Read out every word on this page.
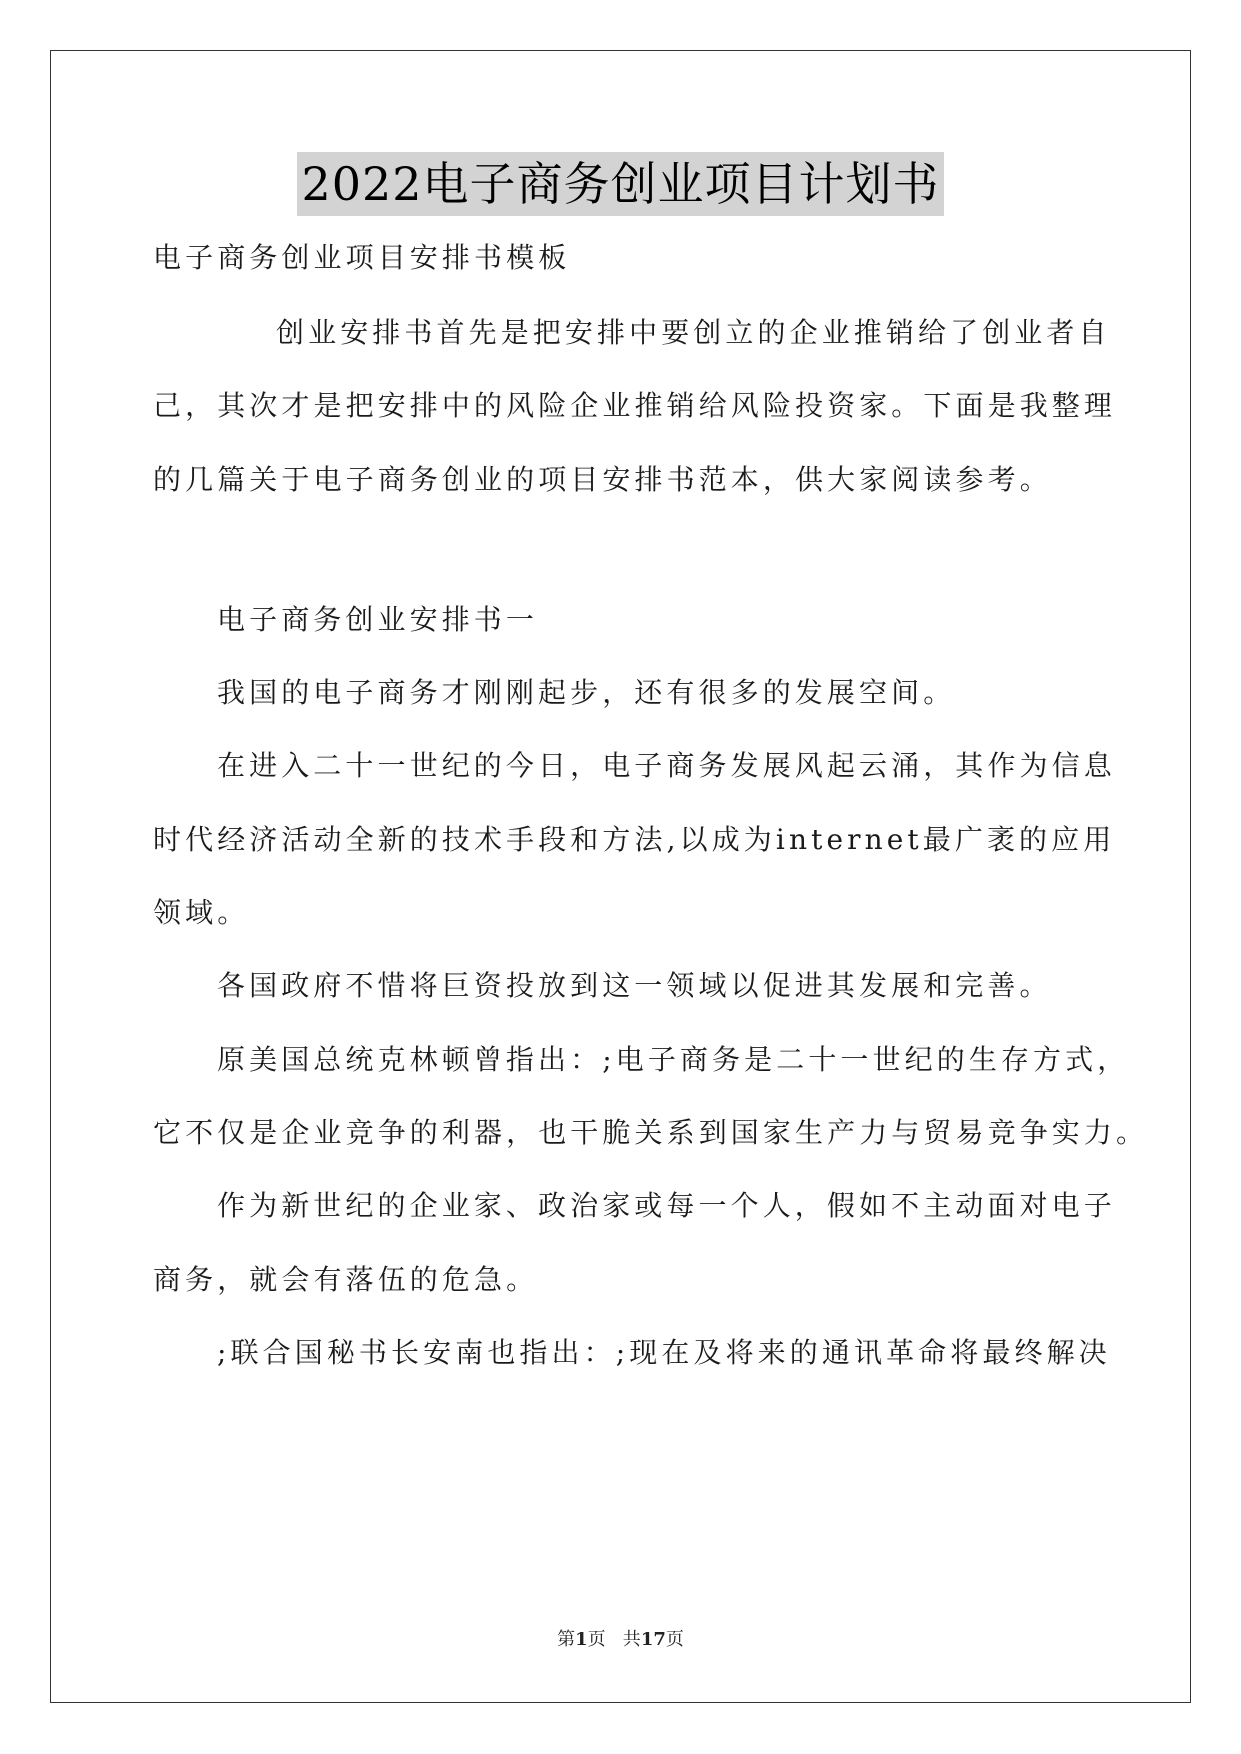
2022电子商务创业项目计划书
电子商务创业项目安排书模板
创业安排书首先是把安排中要创立的企业推销给了创业者自
己，其次才是把安排中的风险企业推销给风险投资家。下面是我整理
的几篇关于电子商务创业的项目安排书范本，供大家阅读参考。
电子商务创业安排书一
我国的电子商务才刚刚起步，还有很多的发展空间。
在进入二十一世纪的今日，电子商务发展风起云涌，其作为信息
时代经济活动全新的技术手段和方法,以成为internet最广袤的应用
领域。
各国政府不惜将巨资投放到这一领域以促进其发展和完善。
原美国总统克林顿曾指出：;电子商务是二十一世纪的生存方式，
它不仅是企业竞争的利器，也干脆关系到国家生产力与贸易竞争实力。
作为新世纪的企业家、政治家或每一个人，假如不主动面对电子
商务，就会有落伍的危急。
;联合国秘书长安南也指出：;现在及将来的通讯革命将最终解决
第1页   共17页
